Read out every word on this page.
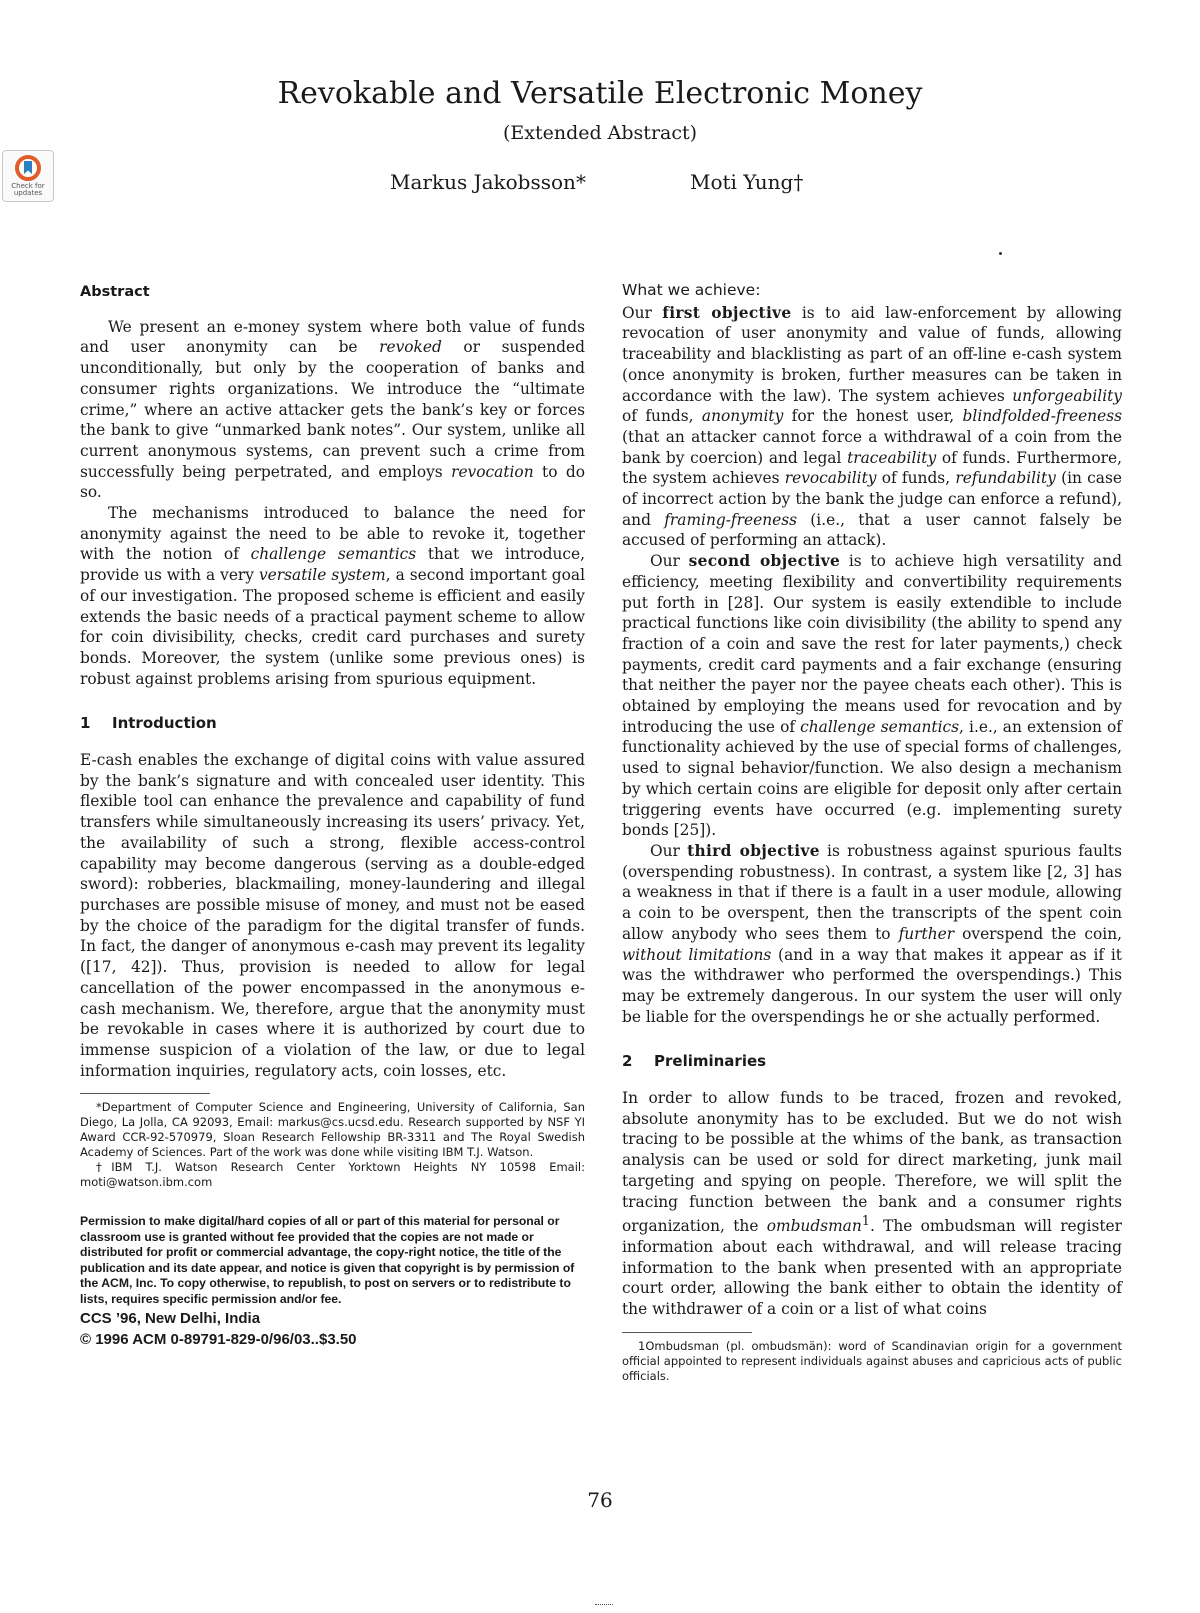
Check for updates
Revokable and Versatile Electronic Money
(Extended Abstract)
Markus Jakobsson*	Moti Yung†
Abstract

We present an e-money system where both value of funds and user anonymity can be revoked or suspended unconditionally, but only by the cooperation of banks and consumer rights organizations. We introduce the “ultimate crime,” where an active attacker gets the bank’s key or forces the bank to give “unmarked bank notes”. Our system, unlike all current anonymous systems, can prevent such a crime from successfully being perpetrated, and employs revocation to do so.

The mechanisms introduced to balance the need for anonymity against the need to be able to revoke it, together with the notion of challenge semantics that we introduce, provide us with a very versatile system, a second important goal of our investigation. The proposed scheme is efficient and easily extends the basic needs of a practical payment scheme to allow for coin divisibility, checks, credit card purchases and surety bonds. Moreover, the system (unlike some previous ones) is robust against problems arising from spurious equipment.

1 Introduction

E-cash enables the exchange of digital coins with value assured by the bank’s signature and with concealed user identity. This flexible tool can enhance the prevalence and capability of fund transfers while simultaneously increasing its users’ privacy. Yet, the availability of such a strong, flexible access-control capability may become dangerous (serving as a double-edged sword): robberies, blackmailing, money-laundering and illegal purchases are possible misuse of money, and must not be eased by the choice of the paradigm for the digital transfer of funds. In fact, the danger of anonymous e-cash may prevent its legality ([17, 42]). Thus, provision is needed to allow for legal cancellation of the power encompassed in the anonymous e-cash mechanism. We, therefore, argue that the anonymity must be revokable in cases where it is authorized by court due to immense suspicion of a violation of the law, or due to legal information inquiries, regulatory acts, coin losses, etc.

*Department of Computer Science and Engineering, University of California, San Diego, La Jolla, CA 92093, Email: markus@cs.ucsd.edu. Research supported by NSF YI Award CCR-92-570979, Sloan Research Fellowship BR-3311 and The Royal Swedish Academy of Sciences. Part of the work was done while visiting IBM T.J. Watson.
†IBM T.J. Watson Research Center Yorktown Heights NY 10598 Email: moti@watson.ibm.com
Permission to make digital/hard copies of all or part of this material for personal or classroom use is granted without fee provided that the copies are not made or distributed for profit or commercial advantage, the copy-right notice, the title of the publication and its date appear, and notice is given that copyright is by permission of the ACM, Inc. To copy otherwise, to republish, to post on servers or to redistribute to lists, requires specific permission and/or fee.
CCS ’96, New Delhi, India
© 1996 ACM 0-89791-829-0/96/03..$3.50
What we achieve:

Our first objective is to aid law-enforcement by allowing revocation of user anonymity and value of funds, allowing traceability and blacklisting as part of an off-line e-cash system (once anonymity is broken, further measures can be taken in accordance with the law). The system achieves unforgeability of funds, anonymity for the honest user, blindfolded-freeness (that an attacker cannot force a withdrawal of a coin from the bank by coercion) and legal traceability of funds. Furthermore, the system achieves revocability of funds, refundability (in case of incorrect action by the bank the judge can enforce a refund), and framing-freeness (i.e., that a user cannot falsely be accused of performing an attack).

Our second objective is to achieve high versatility and efficiency, meeting flexibility and convertibility requirements put forth in [28]. Our system is easily extendible to include practical functions like coin divisibility (the ability to spend any fraction of a coin and save the rest for later payments,) check payments, credit card payments and a fair exchange (ensuring that neither the payer nor the payee cheats each other). This is obtained by employing the means used for revocation and by introducing the use of challenge semantics, i.e., an extension of functionality achieved by the use of special forms of challenges, used to signal behavior/function. We also design a mechanism by which certain coins are eligible for deposit only after certain triggering events have occurred (e.g. implementing surety bonds [25]).

Our third objective is robustness against spurious faults (overspending robustness). In contrast, a system like [2, 3] has a weakness in that if there is a fault in a user module, allowing a coin to be overspent, then the transcripts of the spent coin allow anybody who sees them to further overspend the coin, without limitations (and in a way that makes it appear as if it was the withdrawer who performed the overspendings.) This may be extremely dangerous. In our system the user will only be liable for the overspendings he or she actually performed.

2 Preliminaries

In order to allow funds to be traced, frozen and revoked, absolute anonymity has to be excluded. But we do not wish tracing to be possible at the whims of the bank, as transaction analysis can be used or sold for direct marketing, junk mail targeting and spying on people. Therefore, we will split the tracing function between the bank and a consumer rights organization, the ombudsman$^1$. The ombudsman will register information about each withdrawal, and will release tracing information to the bank when presented with an appropriate court order, allowing the bank either to obtain the identity of the withdrawer of a coin or a list of what coins

1Ombudsman (pl. ombudsmän): word of Scandinavian origin for a government official appointed to represent individuals against abuses and capricious acts of public officials.
76
